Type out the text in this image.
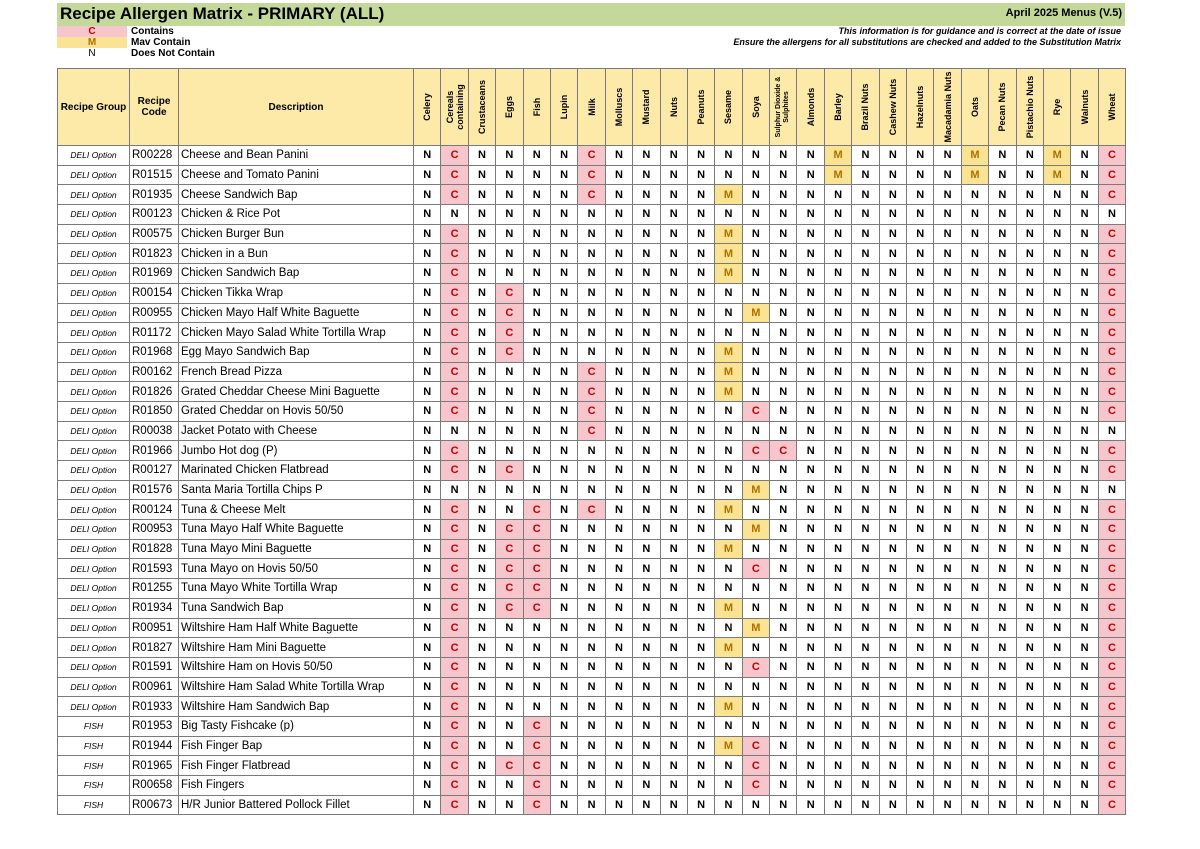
Recipe Allergen Matrix - PRIMARY (ALL)	April 2025 Menus (V.5)
C	Contains
M	Mav Contain
N	Does Not Contain
This information is for guidance and is correct at the date of issue
Ensure the allergens for all substitutions are checked and added to the Substitution Matrix
Recipe Group	Recipe Code	Description	Celery	Cereals containing	Crustaceans	Eggs	Fish	Lupin	Milk	Molluscs	Mustard	Nuts	Peanuts	Sesame	Soya	Sulphur Dioxide & Sulphites	Almonds	Barley	Brazil Nuts	Cashew Nuts	Hazelnuts	Macadamia Nuts	Oats	Pecan Nuts	Pistachio Nuts	Rye	Walnuts	Wheat

DELI Option	R00228	Cheese and Bean Panini	N	C	N	N	N	N	C	N	N	N	N	N	N	N	N	M	N	N	N	N	M	N	N	M	N	C
DELI Option	R01515	Cheese and Tomato Panini	N	C	N	N	N	N	C	N	N	N	N	N	N	N	N	M	N	N	N	N	M	N	N	M	N	C
DELI Option	R01935	Cheese Sandwich Bap	N	C	N	N	N	N	C	N	N	N	N	M	N	N	N	N	N	N	N	N	N	N	N	N	N	C
DELI Option	R00123	Chicken & Rice Pot	N	N	N	N	N	N	N	N	N	N	N	N	N	N	N	N	N	N	N	N	N	N	N	N	N	N
DELI Option	R00575	Chicken Burger Bun	N	C	N	N	N	N	N	N	N	N	N	M	N	N	N	N	N	N	N	N	N	N	N	N	N	C
DELI Option	R01823	Chicken in a Bun	N	C	N	N	N	N	N	N	N	N	N	M	N	N	N	N	N	N	N	N	N	N	N	N	N	C
DELI Option	R01969	Chicken Sandwich Bap	N	C	N	N	N	N	N	N	N	N	N	M	N	N	N	N	N	N	N	N	N	N	N	N	N	C
DELI Option	R00154	Chicken Tikka Wrap	N	C	N	C	N	N	N	N	N	N	N	N	N	N	N	N	N	N	N	N	N	N	N	N	N	C
DELI Option	R00955	Chicken Mayo Half White Baguette	N	C	N	C	N	N	N	N	N	N	N	N	M	N	N	N	N	N	N	N	N	N	N	N	N	C
DELI Option	R01172	Chicken Mayo Salad White Tortilla Wrap	N	C	N	C	N	N	N	N	N	N	N	N	N	N	N	N	N	N	N	N	N	N	N	N	N	C
DELI Option	R01968	Egg Mayo Sandwich Bap	N	C	N	C	N	N	N	N	N	N	N	M	N	N	N	N	N	N	N	N	N	N	N	N	N	C
DELI Option	R00162	French Bread Pizza	N	C	N	N	N	N	C	N	N	N	N	M	N	N	N	N	N	N	N	N	N	N	N	N	N	C
DELI Option	R01826	Grated Cheddar Cheese Mini Baguette	N	C	N	N	N	N	C	N	N	N	N	M	N	N	N	N	N	N	N	N	N	N	N	N	N	C
DELI Option	R01850	Grated Cheddar on Hovis 50/50	N	C	N	N	N	N	C	N	N	N	N	N	C	N	N	N	N	N	N	N	N	N	N	N	N	C
DELI Option	R00038	Jacket Potato with Cheese	N	N	N	N	N	N	C	N	N	N	N	N	N	N	N	N	N	N	N	N	N	N	N	N	N	N
DELI Option	R01966	Jumbo Hot dog (P)	N	C	N	N	N	N	N	N	N	N	N	N	C	C	N	N	N	N	N	N	N	N	N	N	N	C
DELI Option	R00127	Marinated Chicken Flatbread	N	C	N	C	N	N	N	N	N	N	N	N	N	N	N	N	N	N	N	N	N	N	N	N	N	C
DELI Option	R01576	Santa Maria Tortilla Chips P	N	N	N	N	N	N	N	N	N	N	N	N	M	N	N	N	N	N	N	N	N	N	N	N	N	N
DELI Option	R00124	Tuna & Cheese Melt	N	C	N	N	C	N	C	N	N	N	N	M	N	N	N	N	N	N	N	N	N	N	N	N	N	C
DELI Option	R00953	Tuna Mayo Half White Baguette	N	C	N	C	C	N	N	N	N	N	N	N	M	N	N	N	N	N	N	N	N	N	N	N	N	C
DELI Option	R01828	Tuna Mayo Mini Baguette	N	C	N	C	C	N	N	N	N	N	N	M	N	N	N	N	N	N	N	N	N	N	N	N	N	C
DELI Option	R01593	Tuna Mayo on Hovis 50/50	N	C	N	C	C	N	N	N	N	N	N	N	C	N	N	N	N	N	N	N	N	N	N	N	N	C
DELI Option	R01255	Tuna Mayo White Tortilla Wrap	N	C	N	C	C	N	N	N	N	N	N	N	N	N	N	N	N	N	N	N	N	N	N	N	N	C
DELI Option	R01934	Tuna Sandwich Bap	N	C	N	C	C	N	N	N	N	N	N	M	N	N	N	N	N	N	N	N	N	N	N	N	N	C
DELI Option	R00951	Wiltshire Ham Half White Baguette	N	C	N	N	N	N	N	N	N	N	N	N	M	N	N	N	N	N	N	N	N	N	N	N	N	C
DELI Option	R01827	Wiltshire Ham Mini Baguette	N	C	N	N	N	N	N	N	N	N	N	M	N	N	N	N	N	N	N	N	N	N	N	N	N	C
DELI Option	R01591	Wiltshire Ham on Hovis 50/50	N	C	N	N	N	N	N	N	N	N	N	N	C	N	N	N	N	N	N	N	N	N	N	N	N	C
DELI Option	R00961	Wiltshire Ham Salad White Tortilla Wrap	N	C	N	N	N	N	N	N	N	N	N	N	N	N	N	N	N	N	N	N	N	N	N	N	N	C
DELI Option	R01933	Wiltshire Ham Sandwich Bap	N	C	N	N	N	N	N	N	N	N	N	M	N	N	N	N	N	N	N	N	N	N	N	N	N	C
FISH	R01953	Big Tasty Fishcake (p)	N	C	N	N	C	N	N	N	N	N	N	N	N	N	N	N	N	N	N	N	N	N	N	N	N	C
FISH	R01944	Fish Finger Bap	N	C	N	N	C	N	N	N	N	N	N	M	C	N	N	N	N	N	N	N	N	N	N	N	N	C
FISH	R01965	Fish Finger Flatbread	N	C	N	C	C	N	N	N	N	N	N	N	C	N	N	N	N	N	N	N	N	N	N	N	N	C
FISH	R00658	Fish Fingers	N	C	N	N	C	N	N	N	N	N	N	N	C	N	N	N	N	N	N	N	N	N	N	N	N	C
FISH	R00673	H/R Junior Battered Pollock Fillet	N	C	N	N	C	N	N	N	N	N	N	N	N	N	N	N	N	N	N	N	N	N	N	N	N	C
